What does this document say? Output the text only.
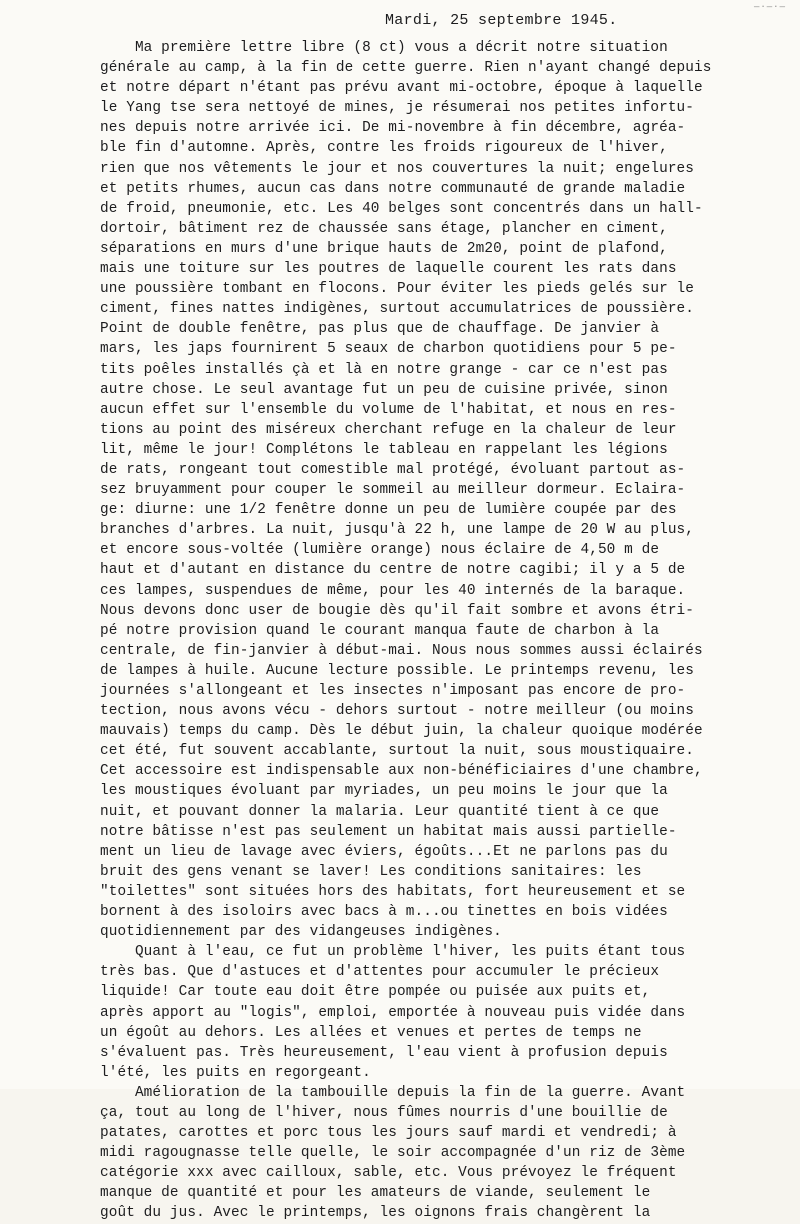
—·—·—
Mardi, 25 septembre 1945.
Ma première lettre libre (8 ct) vous a décrit notre situation
générale au camp, à la fin de cette guerre. Rien n'ayant changé depuis
et notre départ n'étant pas prévu avant mi-octobre, époque à laquelle
le Yang tse sera nettoyé de mines, je résumerai nos petites infortu-
nes depuis notre arrivée ici. De mi-novembre à fin décembre, agréa-
ble fin d'automne. Après, contre les froids rigoureux de l'hiver,
rien que nos vêtements le jour et nos couvertures la nuit; engelures
et petits rhumes, aucun cas dans notre communauté de grande maladie
de froid, pneumonie, etc. Les 40 belges sont concentrés dans un hall-
dortoir, bâtiment rez de chaussée sans étage, plancher en ciment,
séparations en murs d'une brique hauts de 2m20, point de plafond,
mais une toiture sur les poutres de laquelle courent les rats dans
une poussière tombant en flocons. Pour éviter les pieds gelés sur le
ciment, fines nattes indigènes, surtout accumulatrices de poussière.
Point de double fenêtre, pas plus que de chauffage. De janvier à
mars, les japs fournirent 5 seaux de charbon quotidiens pour 5 pe-
tits poêles installés çà et là en notre grange - car ce n'est pas
autre chose. Le seul avantage fut un peu de cuisine privée, sinon
aucun effet sur l'ensemble du volume de l'habitat, et nous en res-
tions au point des miséreux cherchant refuge en la chaleur de leur
lit, même le jour! Complétons le tableau en rappelant les légions
de rats, rongeant tout comestible mal protégé, évoluant partout as-
sez bruyamment pour couper le sommeil au meilleur dormeur. Eclaira-
ge: diurne: une 1/2 fenêtre donne un peu de lumière coupée par des
branches d'arbres. La nuit, jusqu'à 22 h, une lampe de 20 W au plus,
et encore sous-voltée (lumière orange) nous éclaire de 4,50 m de
haut et d'autant en distance du centre de notre cagibi; il y a 5 de
ces lampes, suspendues de même, pour les 40 internés de la baraque.
Nous devons donc user de bougie dès qu'il fait sombre et avons étri-
pé notre provision quand le courant manqua faute de charbon à la
centrale, de fin-janvier à début-mai. Nous nous sommes aussi éclairés
de lampes à huile. Aucune lecture possible. Le printemps revenu, les
journées s'allongeant et les insectes n'imposant pas encore de pro-
tection, nous avons vécu - dehors surtout - notre meilleur (ou moins
mauvais) temps du camp. Dès le début juin, la chaleur quoique modérée
cet été, fut souvent accablante, surtout la nuit, sous moustiquaire.
Cet accessoire est indispensable aux non-bénéficiaires d'une chambre,
les moustiques évoluant par myriades, un peu moins le jour que la
nuit, et pouvant donner la malaria. Leur quantité tient à ce que
notre bâtisse n'est pas seulement un habitat mais aussi partielle-
ment un lieu de lavage avec éviers, égoûts...Et ne parlons pas du
bruit des gens venant se laver! Les conditions sanitaires: les
"toilettes" sont situées hors des habitats, fort heureusement et se
bornent à des isoloirs avec bacs à m...ou tinettes en bois vidées
quotidiennement par des vidangeuses indigènes.
Quant à l'eau, ce fut un problème l'hiver, les puits étant tous
très bas. Que d'astuces et d'attentes pour accumuler le précieux
liquide! Car toute eau doit être pompée ou puisée aux puits et,
après apport au "logis", emploi, emportée à nouveau puis vidée dans
un égoût au dehors. Les allées et venues et pertes de temps ne
s'évaluent pas. Très heureusement, l'eau vient à profusion depuis
l'été, les puits en regorgeant.
Amélioration de la tambouille depuis la fin de la guerre. Avant
ça, tout au long de l'hiver, nous fûmes nourris d'une bouillie de
patates, carottes et porc tous les jours sauf mardi et vendredi; à
midi ragougnasse telle quelle, le soir accompagnée d'un riz de 3ème
catégorie xxx avec cailloux, sable, etc. Vous prévoyez le fréquent
manque de quantité et pour les amateurs de viande, seulement le
goût du jus. Avec le printemps, les oignons frais changèrent la
